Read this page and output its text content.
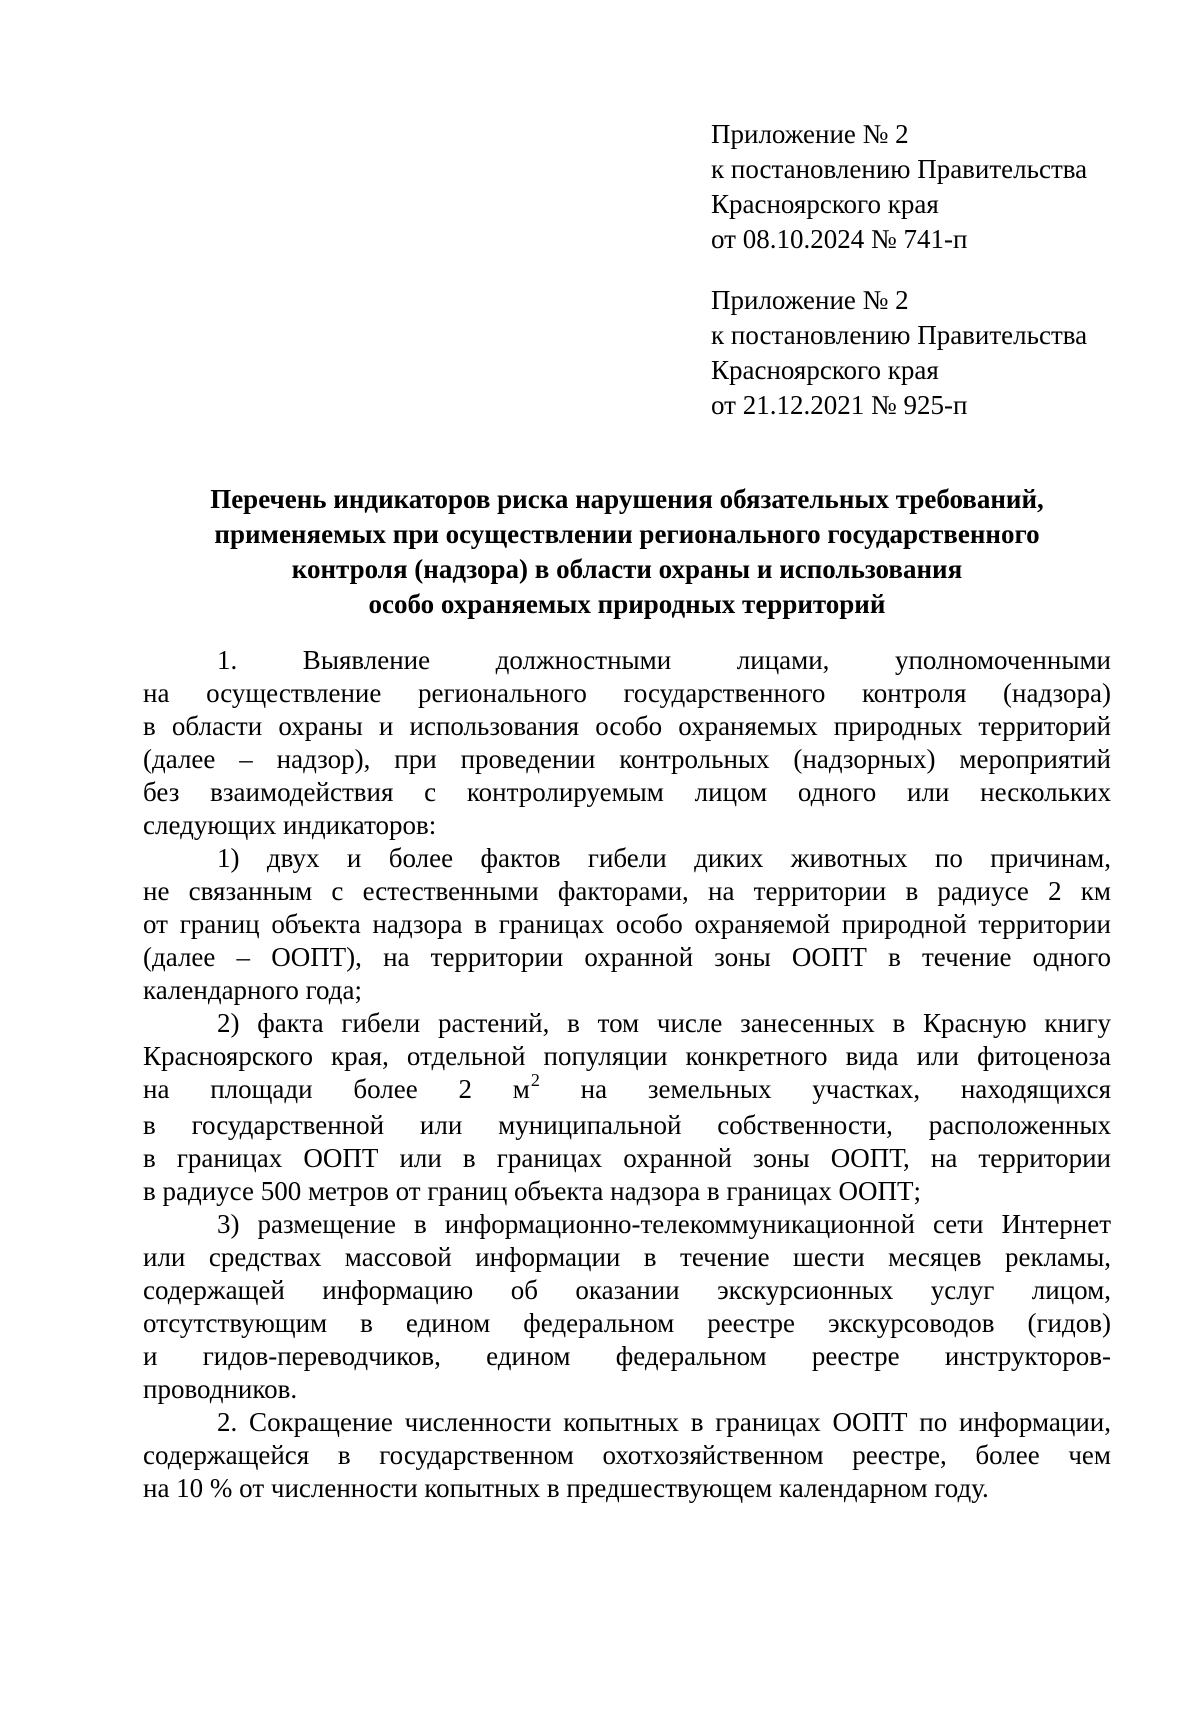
Приложение № 2
к постановлению Правительства
Красноярского края
от 08.10.2024 № 741-п
Приложение № 2
к постановлению Правительства
Красноярского края
от 21.12.2021 № 925-п
Перечень индикаторов риска нарушения обязательных требований,
применяемых при осуществлении регионального государственного
контроля (надзора) в области охраны и использования
особо охраняемых природных территорий
1. Выявление должностными лицами, уполномоченными
на осуществление регионального государственного контроля (надзора)
в области охраны и использования особо охраняемых природных территорий
(далее – надзор), при проведении контрольных (надзорных) мероприятий
без взаимодействия с контролируемым лицом одного или нескольких
следующих индикаторов:
1) двух и более фактов гибели диких животных по причинам,
не связанным с естественными факторами, на территории в радиусе 2 км
от границ объекта надзора в границах особо охраняемой природной территории
(далее – ООПТ), на территории охранной зоны ООПТ в течение одного
календарного года;
2) факта гибели растений, в том числе занесенных в Красную книгу
Красноярского края, отдельной популяции конкретного вида или фитоценоза
на площади более 2 $м^2$ на земельных участках, находящихся
в государственной или муниципальной собственности, расположенных
в границах ООПТ или в границах охранной зоны ООПТ, на территории
в радиусе 500 метров от границ объекта надзора в границах ООПТ;
3) размещение в информационно-телекоммуникационной сети Интернет
или средствах массовой информации в течение шести месяцев рекламы,
содержащей информацию об оказании экскурсионных услуг лицом,
отсутствующим в едином федеральном реестре экскурсоводов (гидов)
и гидов-переводчиков, едином федеральном реестре инструкторов-
проводников.
2. Сокращение численности копытных в границах ООПТ по информации,
содержащейся в государственном охотхозяйственном реестре, более чем
на 10 % от численности копытных в предшествующем календарном году.
